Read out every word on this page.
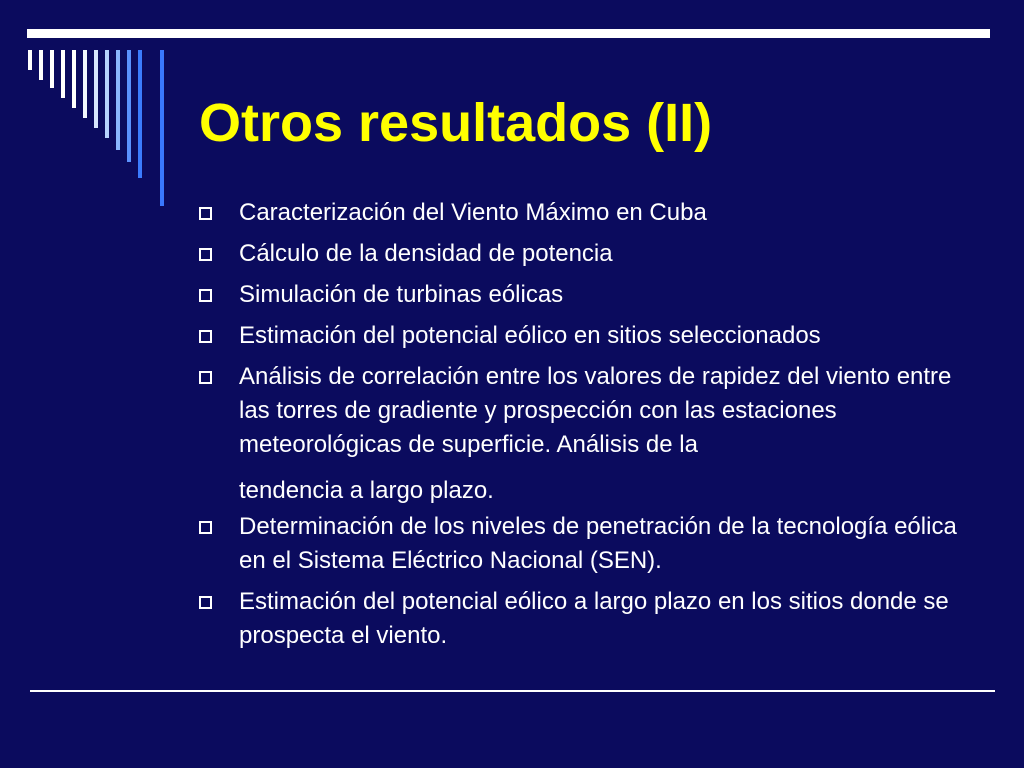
Otros resultados (II)
Caracterización del Viento Máximo en Cuba
Cálculo de la densidad de potencia
Simulación de turbinas eólicas
Estimación del potencial eólico en sitios seleccionados
Análisis de correlación entre los valores de rapidez del viento entre las torres de gradiente y prospección con las estaciones meteorológicas de superficie. Análisis de la
tendencia a largo plazo.
Determinación de los niveles de penetración de la tecnología eólica en el Sistema Eléctrico Nacional (SEN).
Estimación del potencial eólico a largo plazo en los sitios donde se prospecta el viento.
